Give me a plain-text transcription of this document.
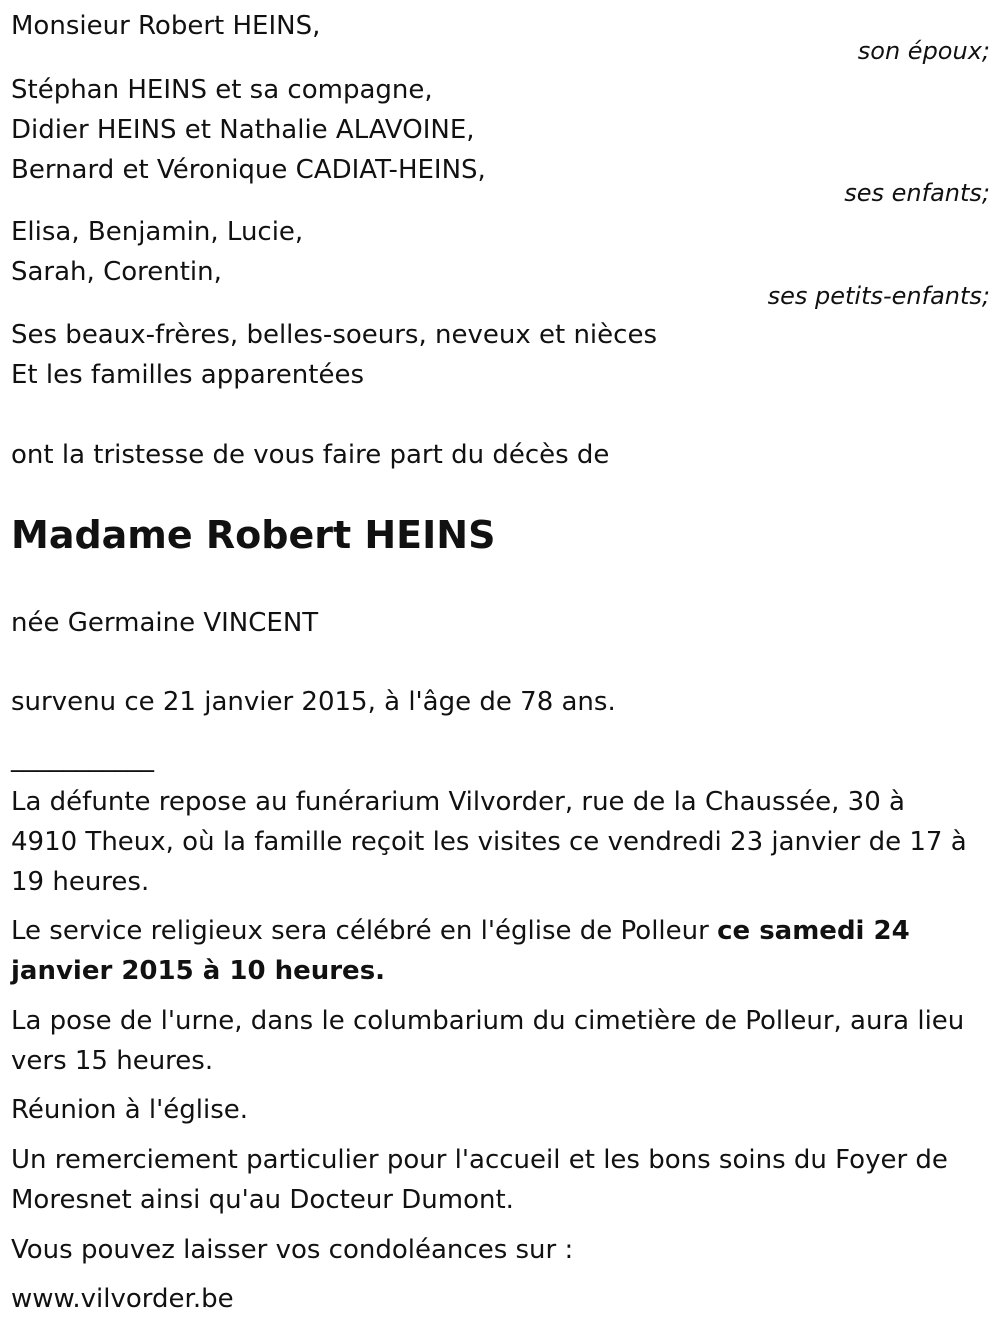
Monsieur Robert HEINS,
son époux;
Stéphan HEINS et sa compagne,
Didier HEINS et Nathalie ALAVOINE,
Bernard et Véronique CADIAT-HEINS,
ses enfants;
Elisa, Benjamin, Lucie,
Sarah, Corentin,
ses petits-enfants;
Ses beaux-frères, belles-soeurs, neveux et nièces
Et les familles apparentées
ont la tristesse de vous faire part du décès de
Madame Robert HEINS
née Germaine VINCENT
survenu ce 21 janvier 2015, à l'âge de 78 ans.
___________
La défunte repose au funérarium Vilvorder, rue de la Chaussée, 30 à
4910 Theux, où la famille reçoit les visites ce vendredi 23 janvier de 17 à
19 heures.
Le service religieux sera célébré en l'église de Polleur ce samedi 24
janvier 2015 à 10 heures.
La pose de l'urne, dans le columbarium du cimetière de Polleur, aura lieu
vers 15 heures.
Réunion à l'église.
Un remerciement particulier pour l'accueil et les bons soins du Foyer de
Moresnet ainsi qu'au Docteur Dumont.
Vous pouvez laisser vos condoléances sur :
www.vilvorder.be
